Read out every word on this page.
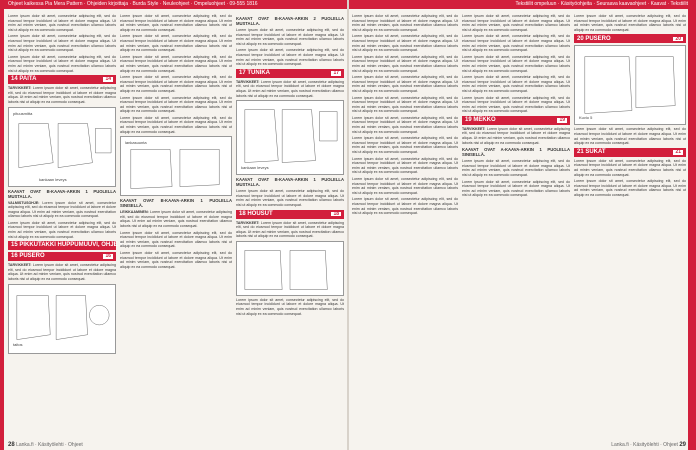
Ohjeet kaikessa Pia Mera Pattern · Ohjeiden kirjoittaja · Burda Style · Neuleohjeet · Ompeluohjeet · 09-555 1816	Tekstiilit ompeluun · Käsityöohjeita · Seuraava kaavaohjeet · Kaavat · Tekstiilit

Lorem ipsum dolor sit amet, consectetur adipiscing elit, sed do eiusmod tempor incididunt ut labore et dolore magna aliqua. Ut enim ad minim veniam, quis nostrud exercitation ullamco laboris nisi ut aliquip ex ea commodo consequat.

Lorem ipsum dolor sit amet, consectetur adipiscing elit, sed do eiusmod tempor incididunt ut labore et dolore magna aliqua. Ut enim ad minim veniam, quis nostrud exercitation ullamco laboris nisi ut aliquip ex ea commodo consequat.

Lorem ipsum dolor sit amet, consectetur adipiscing elit, sed do eiusmod tempor incididunt ut labore et dolore magna aliqua. Ut enim ad minim veniam, quis nostrud exercitation ullamco laboris nisi ut aliquip ex ea commodo consequat.

14 PAITA	14

TARVIKKEET: Lorem ipsum dolor sit amet, consectetur adipiscing elit, sed do eiusmod tempor incididunt ut labore et dolore magna aliqua. Ut enim ad minim veniam, quis nostrud exercitation ullamco laboris nisi ut aliquip ex ea commodo consequat.

pituusmitta
kankaan leveys

KAAVAT OVAT B-KAAVA-ARKIN 1 PUOLELLA MUSTALLA.

VALMISTUSOHJE: Lorem ipsum dolor sit amet, consectetur adipiscing elit, sed do eiusmod tempor incididunt ut labore et dolore magna aliqua. Ut enim ad minim veniam, quis nostrud exercitation ullamco laboris nisi ut aliquip ex ea commodo consequat.

Lorem ipsum dolor sit amet, consectetur adipiscing elit, sed do eiusmod tempor incididunt ut labore et dolore magna aliqua. Ut enim ad minim veniam, quis nostrud exercitation ullamco laboris nisi ut aliquip ex ea commodo consequat.

15 PIKKUTAKKI HUPPUMUUVI, OHJE S. 21.
16 PUSERO	16

TARVIKKEET: Lorem ipsum dolor sit amet, consectetur adipiscing elit, sed do eiusmod tempor incididunt ut labore et dolore magna aliqua. Ut enim ad minim veniam, quis nostrud exercitation ullamco laboris nisi ut aliquip ex ea commodo consequat.

taitos

Lorem ipsum dolor sit amet, consectetur adipiscing elit, sed do eiusmod tempor incididunt ut labore et dolore magna aliqua. Ut enim ad minim veniam, quis nostrud exercitation ullamco laboris nisi ut aliquip ex ea commodo consequat.

Lorem ipsum dolor sit amet, consectetur adipiscing elit, sed do eiusmod tempor incididunt ut labore et dolore magna aliqua. Ut enim ad minim veniam, quis nostrud exercitation ullamco laboris nisi ut aliquip ex ea commodo consequat.

Lorem ipsum dolor sit amet, consectetur adipiscing elit, sed do eiusmod tempor incididunt ut labore et dolore magna aliqua. Ut enim ad minim veniam, quis nostrud exercitation ullamco laboris nisi ut aliquip ex ea commodo consequat.

Lorem ipsum dolor sit amet, consectetur adipiscing elit, sed do eiusmod tempor incididunt ut labore et dolore magna aliqua. Ut enim ad minim veniam, quis nostrud exercitation ullamco laboris nisi ut aliquip ex ea commodo consequat.

Lorem ipsum dolor sit amet, consectetur adipiscing elit, sed do eiusmod tempor incididunt ut labore et dolore magna aliqua. Ut enim ad minim veniam, quis nostrud exercitation ullamco laboris nisi ut aliquip ex ea commodo consequat.

Lorem ipsum dolor sit amet, consectetur adipiscing elit, sed do eiusmod tempor incididunt ut labore et dolore magna aliqua. Ut enim ad minim veniam, quis nostrud exercitation ullamco laboris nisi ut aliquip ex ea commodo consequat.

lankasuunta

KAAVAT OVAT B-KAAVA-ARKIN 1 PUOLELLA SINISELLÄ.

LEIKKAAMINEN: Lorem ipsum dolor sit amet, consectetur adipiscing elit, sed do eiusmod tempor incididunt ut labore et dolore magna aliqua. Ut enim ad minim veniam, quis nostrud exercitation ullamco laboris nisi ut aliquip ex ea commodo consequat.

Lorem ipsum dolor sit amet, consectetur adipiscing elit, sed do eiusmod tempor incididunt ut labore et dolore magna aliqua. Ut enim ad minim veniam, quis nostrud exercitation ullamco laboris nisi ut aliquip ex ea commodo consequat.

Lorem ipsum dolor sit amet, consectetur adipiscing elit, sed do eiusmod tempor incididunt ut labore et dolore magna aliqua. Ut enim ad minim veniam, quis nostrud exercitation ullamco laboris nisi ut aliquip ex ea commodo consequat.

KAAVAT OVAT B-KAAVA-ARKIN 2 PUOLELLA MUSTALLA.

Lorem ipsum dolor sit amet, consectetur adipiscing elit, sed do eiusmod tempor incididunt ut labore et dolore magna aliqua. Ut enim ad minim veniam, quis nostrud exercitation ullamco laboris nisi ut aliquip ex ea commodo consequat.

Lorem ipsum dolor sit amet, consectetur adipiscing elit, sed do eiusmod tempor incididunt ut labore et dolore magna aliqua. Ut enim ad minim veniam, quis nostrud exercitation ullamco laboris nisi ut aliquip ex ea commodo consequat.

17 TUNIKA	17

TARVIKKEET: Lorem ipsum dolor sit amet, consectetur adipiscing elit, sed do eiusmod tempor incididunt ut labore et dolore magna aliqua. Ut enim ad minim veniam, quis nostrud exercitation ullamco laboris nisi ut aliquip ex ea commodo consequat.

kankaan leveys

KAAVAT OVAT B-KAAVA-ARKIN 1 PUOLELLA MUSTALLA.

Lorem ipsum dolor sit amet, consectetur adipiscing elit, sed do eiusmod tempor incididunt ut labore et dolore magna aliqua. Ut enim ad minim veniam, quis nostrud exercitation ullamco laboris nisi ut aliquip ex ea commodo consequat.

18 HOUSUT	18

TARVIKKEET: Lorem ipsum dolor sit amet, consectetur adipiscing elit, sed do eiusmod tempor incididunt ut labore et dolore magna aliqua. Ut enim ad minim veniam, quis nostrud exercitation ullamco laboris nisi ut aliquip ex ea commodo consequat.

Lorem ipsum dolor sit amet, consectetur adipiscing elit, sed do eiusmod tempor incididunt ut labore et dolore magna aliqua. Ut enim ad minim veniam, quis nostrud exercitation ullamco laboris nisi ut aliquip ex ea commodo consequat.

Lorem ipsum dolor sit amet, consectetur adipiscing elit, sed do eiusmod tempor incididunt ut labore et dolore magna aliqua. Ut enim ad minim veniam, quis nostrud exercitation ullamco laboris nisi ut aliquip ex ea commodo consequat.

Lorem ipsum dolor sit amet, consectetur adipiscing elit, sed do eiusmod tempor incididunt ut labore et dolore magna aliqua. Ut enim ad minim veniam, quis nostrud exercitation ullamco laboris nisi ut aliquip ex ea commodo consequat.

Lorem ipsum dolor sit amet, consectetur adipiscing elit, sed do eiusmod tempor incididunt ut labore et dolore magna aliqua. Ut enim ad minim veniam, quis nostrud exercitation ullamco laboris nisi ut aliquip ex ea commodo consequat.

Lorem ipsum dolor sit amet, consectetur adipiscing elit, sed do eiusmod tempor incididunt ut labore et dolore magna aliqua. Ut enim ad minim veniam, quis nostrud exercitation ullamco laboris nisi ut aliquip ex ea commodo consequat.

Lorem ipsum dolor sit amet, consectetur adipiscing elit, sed do eiusmod tempor incididunt ut labore et dolore magna aliqua. Ut enim ad minim veniam, quis nostrud exercitation ullamco laboris nisi ut aliquip ex ea commodo consequat.

Lorem ipsum dolor sit amet, consectetur adipiscing elit, sed do eiusmod tempor incididunt ut labore et dolore magna aliqua. Ut enim ad minim veniam, quis nostrud exercitation ullamco laboris nisi ut aliquip ex ea commodo consequat.

Lorem ipsum dolor sit amet, consectetur adipiscing elit, sed do eiusmod tempor incididunt ut labore et dolore magna aliqua. Ut enim ad minim veniam, quis nostrud exercitation ullamco laboris nisi ut aliquip ex ea commodo consequat.

Lorem ipsum dolor sit amet, consectetur adipiscing elit, sed do eiusmod tempor incididunt ut labore et dolore magna aliqua. Ut enim ad minim veniam, quis nostrud exercitation ullamco laboris nisi ut aliquip ex ea commodo consequat.

Lorem ipsum dolor sit amet, consectetur adipiscing elit, sed do eiusmod tempor incididunt ut labore et dolore magna aliqua. Ut enim ad minim veniam, quis nostrud exercitation ullamco laboris nisi ut aliquip ex ea commodo consequat.

Lorem ipsum dolor sit amet, consectetur adipiscing elit, sed do eiusmod tempor incididunt ut labore et dolore magna aliqua. Ut enim ad minim veniam, quis nostrud exercitation ullamco laboris nisi ut aliquip ex ea commodo consequat.

Lorem ipsum dolor sit amet, consectetur adipiscing elit, sed do eiusmod tempor incididunt ut labore et dolore magna aliqua. Ut enim ad minim veniam, quis nostrud exercitation ullamco laboris nisi ut aliquip ex ea commodo consequat.

Lorem ipsum dolor sit amet, consectetur adipiscing elit, sed do eiusmod tempor incididunt ut labore et dolore magna aliqua. Ut enim ad minim veniam, quis nostrud exercitation ullamco laboris nisi ut aliquip ex ea commodo consequat.

Lorem ipsum dolor sit amet, consectetur adipiscing elit, sed do eiusmod tempor incididunt ut labore et dolore magna aliqua. Ut enim ad minim veniam, quis nostrud exercitation ullamco laboris nisi ut aliquip ex ea commodo consequat.

Lorem ipsum dolor sit amet, consectetur adipiscing elit, sed do eiusmod tempor incididunt ut labore et dolore magna aliqua. Ut enim ad minim veniam, quis nostrud exercitation ullamco laboris nisi ut aliquip ex ea commodo consequat.

Lorem ipsum dolor sit amet, consectetur adipiscing elit, sed do eiusmod tempor incididunt ut labore et dolore magna aliqua. Ut enim ad minim veniam, quis nostrud exercitation ullamco laboris nisi ut aliquip ex ea commodo consequat.

19 MEKKO	19

TARVIKKEET: Lorem ipsum dolor sit amet, consectetur adipiscing elit, sed do eiusmod tempor incididunt ut labore et dolore magna aliqua. Ut enim ad minim veniam, quis nostrud exercitation ullamco laboris nisi ut aliquip ex ea commodo consequat.

KAAVAT OVAT A-KAAVA-ARKIN 1 PUOLELLA SINISELLÄ.

Lorem ipsum dolor sit amet, consectetur adipiscing elit, sed do eiusmod tempor incididunt ut labore et dolore magna aliqua. Ut enim ad minim veniam, quis nostrud exercitation ullamco laboris nisi ut aliquip ex ea commodo consequat.

Lorem ipsum dolor sit amet, consectetur adipiscing elit, sed do eiusmod tempor incididunt ut labore et dolore magna aliqua. Ut enim ad minim veniam, quis nostrud exercitation ullamco laboris nisi ut aliquip ex ea commodo consequat.

Lorem ipsum dolor sit amet, consectetur adipiscing elit, sed do eiusmod tempor incididunt ut labore et dolore magna aliqua. Ut enim ad minim veniam, quis nostrud exercitation ullamco laboris nisi ut aliquip ex ea commodo consequat.

20 PUSERO	20
Kuvio 5

Lorem ipsum dolor sit amet, consectetur adipiscing elit, sed do eiusmod tempor incididunt ut labore et dolore magna aliqua. Ut enim ad minim veniam, quis nostrud exercitation ullamco laboris nisi ut aliquip ex ea commodo consequat.

21 SUKAT	21

Lorem ipsum dolor sit amet, consectetur adipiscing elit, sed do eiusmod tempor incididunt ut labore et dolore magna aliqua. Ut enim ad minim veniam, quis nostrud exercitation ullamco laboris nisi ut aliquip ex ea commodo consequat.

Lorem ipsum dolor sit amet, consectetur adipiscing elit, sed do eiusmod tempor incididunt ut labore et dolore magna aliqua. Ut enim ad minim veniam, quis nostrud exercitation ullamco laboris nisi ut aliquip ex ea commodo consequat.

28 Lanka.fi · Käsityölehti · Ohjeet	Lanka.fi · Käsityölehti · Ohjeet 29
